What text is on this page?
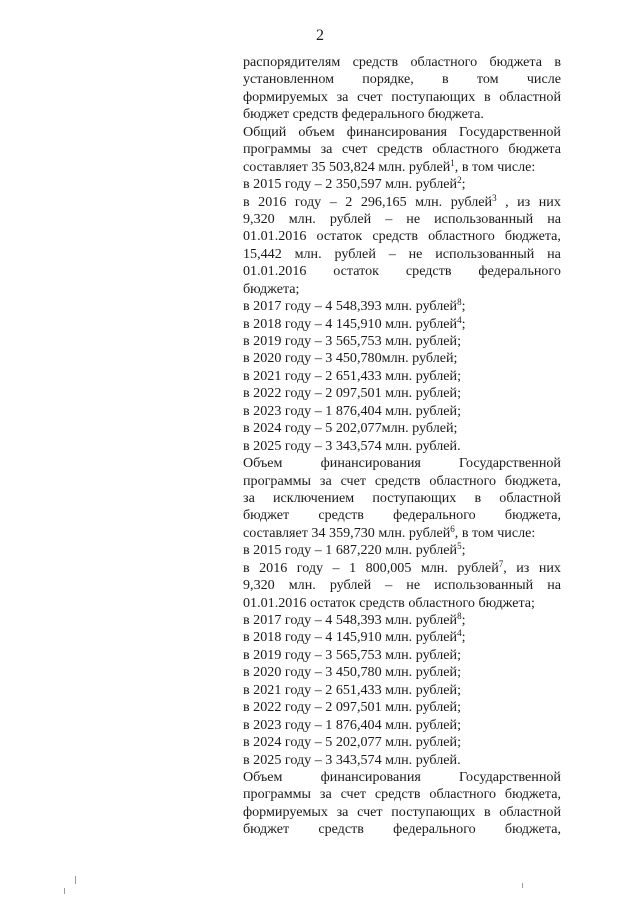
2
распорядителям средств областного бюджета в
установленном порядке, в том числе
формируемых за счет поступающих в областной
бюджет средств федерального бюджета.
Общий объем финансирования Государственной
программы за счет средств областного бюджета
составляет 35 503,824 млн. рублей$^1$, в том числе:
в 2015 году – 2 350,597 млн. рублей$^2$;
в 2016 году – 2 296,165 млн. рублей$^3$ , из них
9,320 млн. рублей – не использованный на
01.01.2016 остаток средств областного бюджета,
15,442 млн. рублей – не использованный на
01.01.2016 остаток средств федерального
бюджета;
в 2017 году – 4 548,393 млн. рублей$^8$;
в 2018 году – 4 145,910 млн. рублей$^4$;
в 2019 году – 3 565,753 млн. рублей;
в 2020 году – 3 450,780млн. рублей;
в 2021 году – 2 651,433 млн. рублей;
в 2022 году – 2 097,501 млн. рублей;
в 2023 году – 1 876,404 млн. рублей;
в 2024 году – 5 202,077млн. рублей;
в 2025 году – 3 343,574 млн. рублей.
Объем	финансирования	Государственной
программы за счет средств областного бюджета,
за исключением поступающих в областной
бюджет средств федерального бюджета,
составляет 34 359,730 млн. рублей$^6$, в том числе:
в 2015 году – 1 687,220 млн. рублей$^5$;
в 2016 году – 1 800,005 млн. рублей$^7$, из них
9,320 млн. рублей – не использованный на
01.01.2016 остаток средств областного бюджета;
в 2017 году – 4 548,393 млн. рублей$^8$;
в 2018 году – 4 145,910 млн. рублей$^4$;
в 2019 году – 3 565,753 млн. рублей;
в 2020 году – 3 450,780 млн. рублей;
в 2021 году – 2 651,433 млн. рублей;
в 2022 году – 2 097,501 млн. рублей;
в 2023 году – 1 876,404 млн. рублей;
в 2024 году – 5 202,077 млн. рублей;
в 2025 году – 3 343,574 млн. рублей.
Объем	финансирования	Государственной
программы за счет средств областного бюджета,
формируемых за счет поступающих в областной
бюджет средств федерального бюджета,
